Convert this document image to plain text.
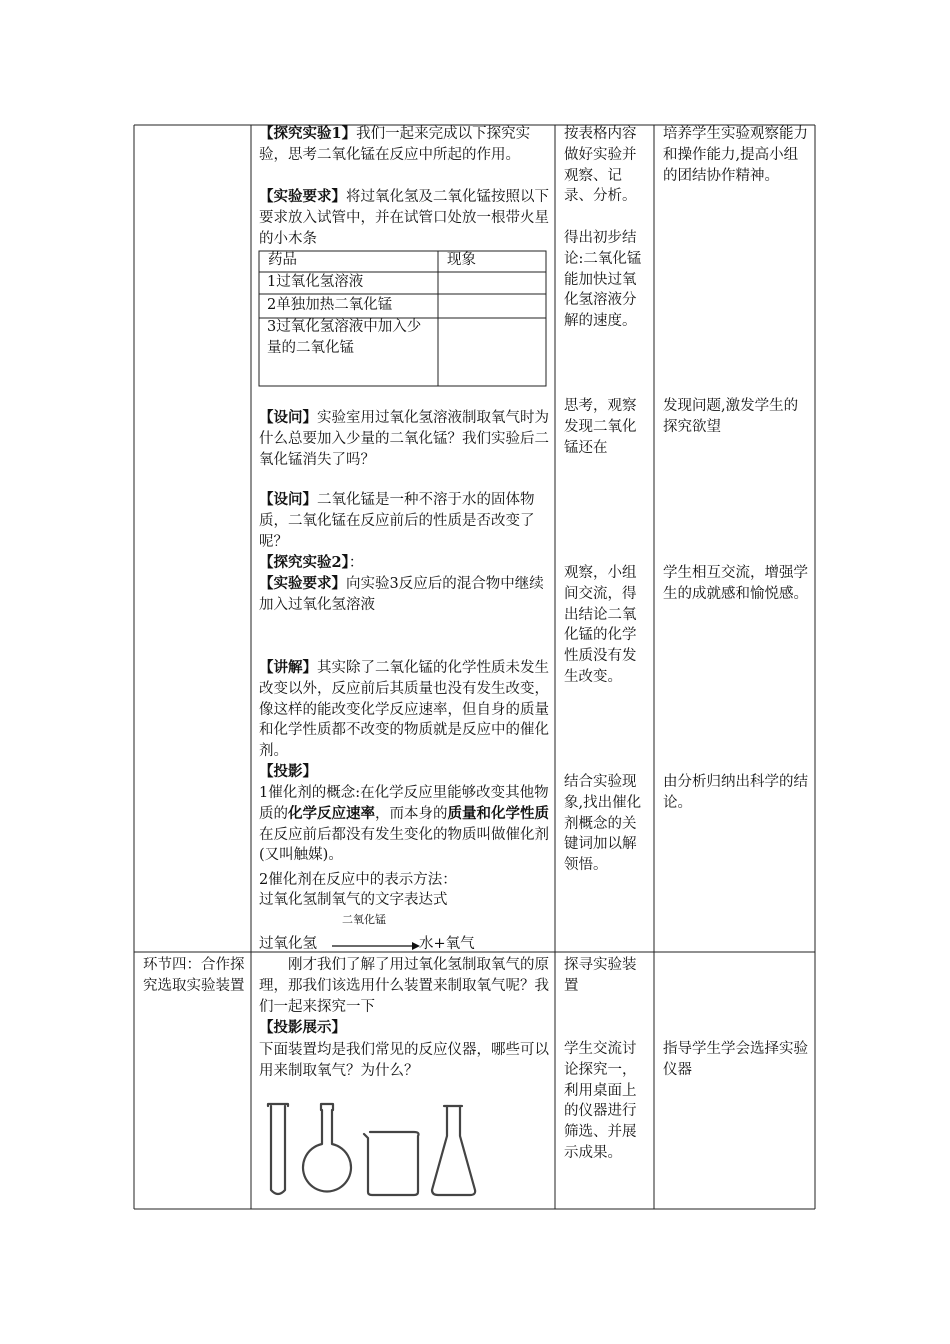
【探究实验1】我们一起来完成以下探究实验，思考二氧化锰在反应中所起的作用。
【实验要求】将过氧化氢及二氧化锰按照以下要求放入试管中，并在试管口处放一根带火星的小木条
药品	现象
1过氧化氢溶液
2单独加热二氧化锰
3过氧化氢溶液中加入少量的二氧化锰
【设问】实验室用过氧化氢溶液制取氧气时为什么总要加入少量的二氧化锰？我们实验后二氧化锰消失了吗？
【设问】二氧化锰是一种不溶于水的固体物质，二氧化锰在反应前后的性质是否改变了呢？
【探究实验2】：
【实验要求】向实验3反应后的混合物中继续加入过氧化氢溶液
【讲解】其实除了二氧化锰的化学性质未发生改变以外，反应前后其质量也没有发生改变，像这样的能改变化学反应速率，但自身的质量和化学性质都不改变的物质就是反应中的催化剂。
【投影】
1催化剂的概念:在化学反应里能够改变其他物质的化学反应速率，而本身的质量和化学性质在反应前后都没有发生变化的物质叫做催化剂(又叫触媒)。
2催化剂在反应中的表示方法：
过氧化氢制氧气的文字表达式
二氧化锰
过氧化氢	水+氧气
按表格内容做好实验并观察、记录、分析。
得出初步结论:二氧化锰能加快过氧化氢溶液分解的速度。
思考，观察发现二氧化锰还在
观察，小组间交流，得出结论二氧化锰的化学性质没有发生改变。
结合实验现象,找出催化剂概念的关键词加以解领悟。
培养学生实验观察能力和操作能力,提高小组的团结协作精神。
发现问题,激发学生的探究欲望
学生相互交流，增强学生的成就感和愉悦感。
由分析归纳出科学的结论。
环节四：合作探究选取实验装置
刚才我们了解了用过氧化氢制取氧气的原理，那我们该选用什么装置来制取氧气呢？我们一起来探究一下
【投影展示】
下面装置均是我们常见的反应仪器，哪些可以用来制取氧气？为什么？
探寻实验装置
学生交流讨论探究一，利用桌面上的仪器进行筛选、并展示成果。
指导学生学会选择实验仪器
